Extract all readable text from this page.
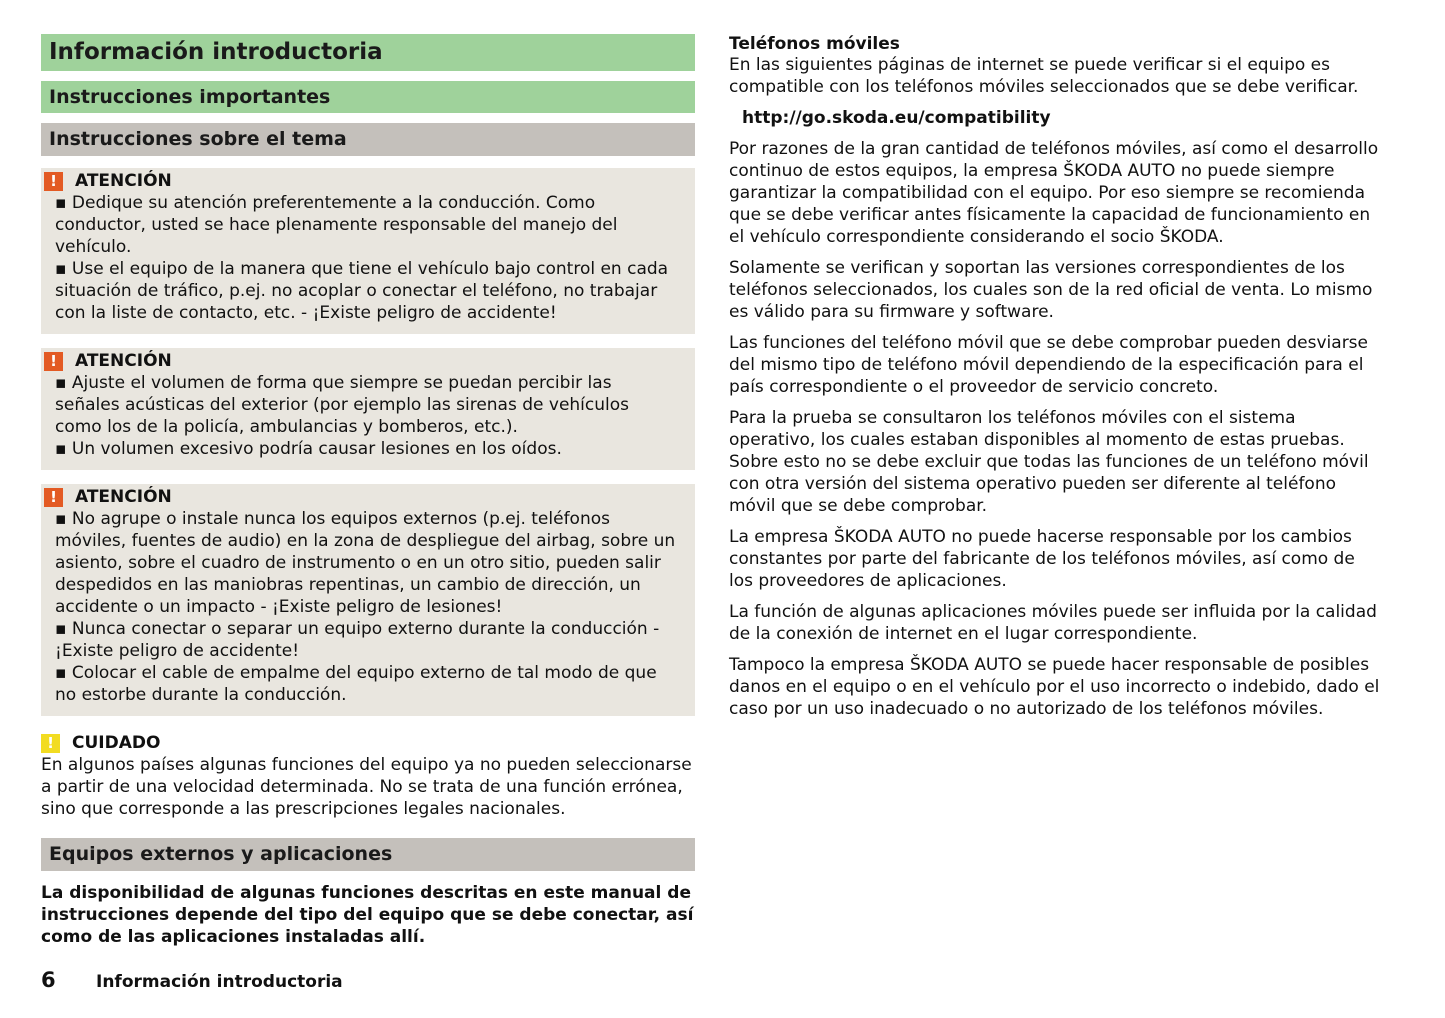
Información introductoria
Instrucciones importantes
Instrucciones sobre el tema
!	ATENCIÓN

▪ Dedique su atención preferentemente a la conducción. Como conductor, usted se hace plenamente responsable del manejo del vehículo.

▪ Use el equipo de la manera que tiene el vehículo bajo control en cada situación de tráfico, p.ej. no acoplar o conectar el teléfono, no trabajar con la liste de contacto, etc. - ¡Existe peligro de accidente!

!	ATENCIÓN

▪ Ajuste el volumen de forma que siempre se puedan percibir las señales acústicas del exterior (por ejemplo las sirenas de vehículos como los de la policía, ambulancias y bomberos, etc.).

▪ Un volumen excesivo podría causar lesiones en los oídos.

!	ATENCIÓN

▪ No agrupe o instale nunca los equipos externos (p.ej. teléfonos móviles, fuentes de audio) en la zona de despliegue del airbag, sobre un asiento, sobre el cuadro de instrumento o en un otro sitio, pueden salir despedidos en las maniobras repentinas, un cambio de dirección, un accidente o un impacto - ¡Existe peligro de lesiones!

▪ Nunca conectar o separar un equipo externo durante la conducción - ¡Existe peligro de accidente!

▪ Colocar el cable de empalme del equipo externo de tal modo de que no estorbe durante la conducción.

!	CUIDADO

En algunos países algunas funciones del equipo ya no pueden seleccionarse a partir de una velocidad determinada. No se trata de una función errónea, sino que corresponde a las prescripciones legales nacionales.

Equipos externos y aplicaciones

La disponibilidad de algunas funciones descritas en este manual de instrucciones depende del tipo del equipo que se debe conectar, así como de las aplicaciones instaladas allí.

6	Información introductoria
Teléfonos móviles

En las siguientes páginas de internet se puede verificar si el equipo es compatible con los teléfonos móviles seleccionados que se debe verificar.

http://go.skoda.eu/compatibility

Por razones de la gran cantidad de teléfonos móviles, así como el desarrollo continuo de estos equipos, la empresa ŠKODA AUTO no puede siempre garantizar la compatibilidad con el equipo. Por eso siempre se recomienda que se debe verificar antes físicamente la capacidad de funcionamiento en el vehículo correspondiente considerando el socio ŠKODA.

Solamente se verifican y soportan las versiones correspondientes de los teléfonos seleccionados, los cuales son de la red oficial de venta. Lo mismo es válido para su firmware y software.

Las funciones del teléfono móvil que se debe comprobar pueden desviarse del mismo tipo de teléfono móvil dependiendo de la especificación para el país correspondiente o el proveedor de servicio concreto.

Para la prueba se consultaron los teléfonos móviles con el sistema operativo, los cuales estaban disponibles al momento de estas pruebas. Sobre esto no se debe excluir que todas las funciones de un teléfono móvil con otra versión del sistema operativo pueden ser diferente al teléfono móvil que se debe comprobar.

La empresa ŠKODA AUTO no puede hacerse responsable por los cambios constantes por parte del fabricante de los teléfonos móviles, así como de los proveedores de aplicaciones.

La función de algunas aplicaciones móviles puede ser influida por la calidad de la conexión de internet en el lugar correspondiente.

Tampoco la empresa ŠKODA AUTO se puede hacer responsable de posibles danos en el equipo o en el vehículo por el uso incorrecto o indebido, dado el caso por un uso inadecuado o no autorizado de los teléfonos móviles.
